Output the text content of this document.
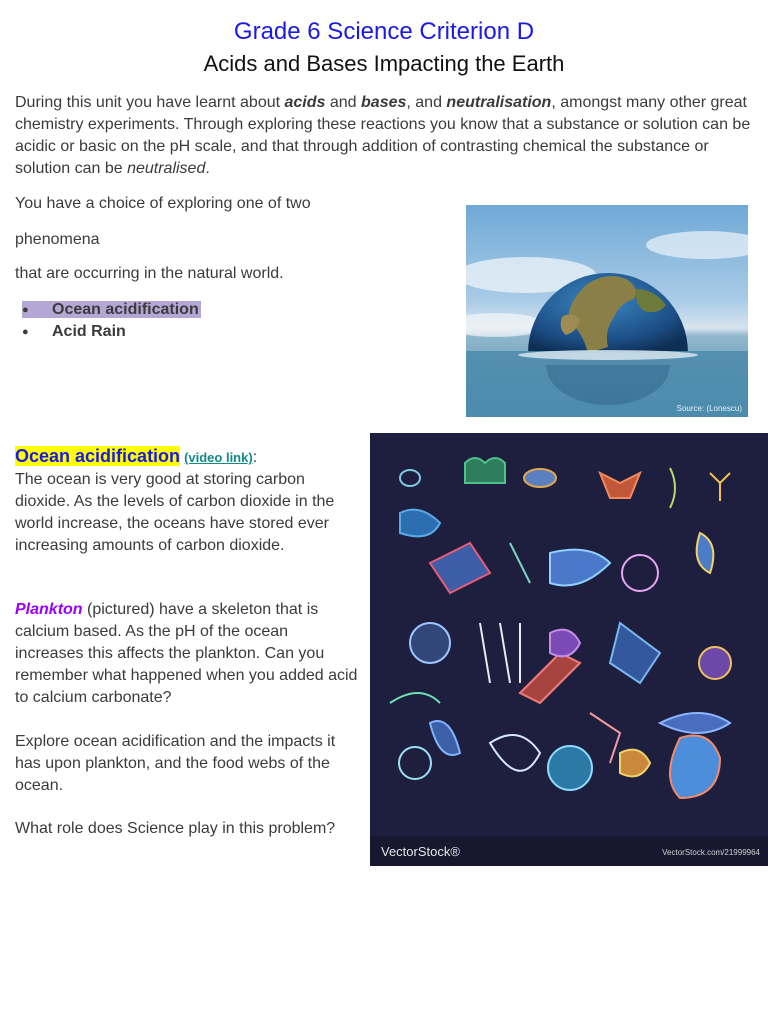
Grade 6 Science Criterion D
Acids and Bases Impacting the Earth

During this unit you have learnt about acids and bases, and neutralisation, amongst many other great chemistry experiments. Through exploring these reactions you know that a substance or solution can be acidic or basic on the pH scale, and that through addition of contrasting chemical the substance or solution can be neutralised.

You have a choice of exploring one of two

phenomena

that are occurring in the natural world.

● Ocean acidification
● Acid Rain
Source: (Lonescu)
Ocean acidification (video link):

The ocean is very good at storing carbon dioxide. As the levels of carbon dioxide in the world increase, the oceans have stored ever increasing amounts of carbon dioxide.

Plankton (pictured) have a skeleton that is calcium based. As the pH of the ocean increases this affects the plankton. Can you remember what happened when you added acid to calcium carbonate?

Explore ocean acidification and the impacts it has upon plankton, and the food webs of the ocean.

What role does Science play in this problem?

VectorStock®	VectorStock.com/21999964
